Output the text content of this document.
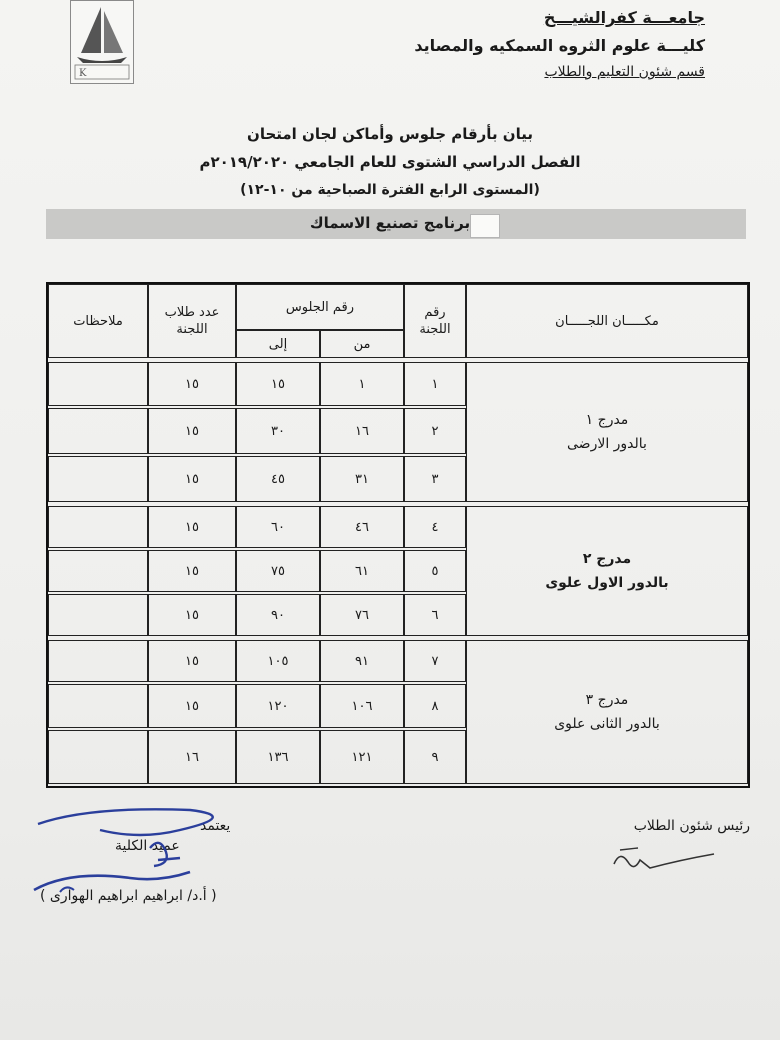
K
جامعـــة كفرالشيـــخ
كليـــة علوم الثروه السمكيه والمصايد
قسم شئون التعليم والطلاب
بيان بأرقام جلوس وأماكن لجان امتحان
الفصل الدراسي الشتوى للعام الجامعي ٢٠١٩/٢٠٢٠م
(المستوى الرابع الفترة الصباحية من ١٠-١٢)
برنامج تصنيع الاسماك
مكـــــان اللجـــــان
رقم اللجنة
رقم الجلوس
من
إلى
عدد طلاب اللجنة
ملاحظات
مدرج ١
بالدور الارضى
مدرج ٢
بالدور الاول علوى
مدرج ٣
بالدور الثانى علوى
١
١
١٥
١٥
٢
١٦
٣٠
١٥
٣
٣١
٤٥
١٥
٤
٤٦
٦٠
١٥
٥
٦١
٧٥
١٥
٦
٧٦
٩٠
١٥
٧
٩١
١٠٥
١٥
٨
١٠٦
١٢٠
١٥
٩
١٢١
١٣٦
١٦
رئيس شئون الطلاب
يعتمد
عميد الكلية
( أ.د/ ابراهيم ابراهيم الهوارى )
